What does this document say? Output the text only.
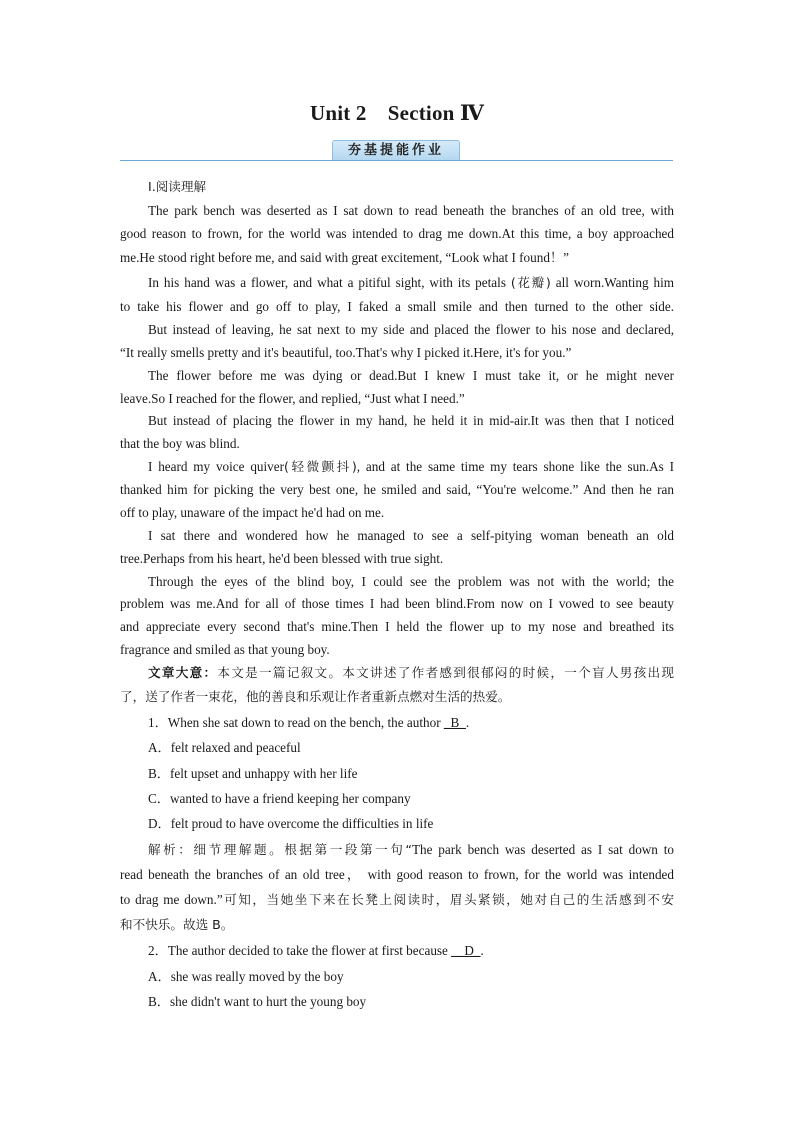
Unit 2　Section Ⅳ
夯基提能作业
Ⅰ.阅读理解
The park bench was deserted as I sat down to read beneath the branches of an old tree, with
good reason to frown, for the world was intended to drag me down.At this time, a boy approached
me.He stood right before me, and said with great excitement, “Look what I found！”
In his hand was a flower, and what a pitiful sight, with its petals (花瓣) all worn.Wanting him
to take his flower and go off to play, I faked a small smile and then turned to the other side.
But instead of leaving, he sat next to my side and placed the flower to his nose and declared,
“It really smells pretty and it's beautiful, too.That's why I picked it.Here, it's for you.”
The flower before me was dying or dead.But I knew I must take it, or he might never
leave.So I reached for the flower, and replied, “Just what I need.”
But instead of placing the flower in my hand, he held it in mid-air.It was then that I noticed
that the boy was blind.
I heard my voice quiver(轻微颤抖), and at the same time my tears shone like the sun.As I
thanked him for picking the very best one, he smiled and said, “You're welcome.” And then he ran
off to play, unaware of the impact he'd had on me.
I sat there and wondered how he managed to see a self-pitying woman beneath an old
tree.Perhaps from his heart, he'd been blessed with true sight.
Through the eyes of the blind boy, I could see the problem was not with the world; the
problem was me.And for all of those times I had been blind.From now on I vowed to see beauty
and appreciate every second that's mine.Then I held the flower up to my nose and breathed its
fragrance and smiled as that young boy.
文章大意：本文是一篇记叙文。本文讲述了作者感到很郁闷的时候，一个盲人男孩出现
了，送了作者一束花，他的善良和乐观让作者重新点燃对生活的热爱。
1．When she sat down to read on the bench, the author _B_.
A．felt relaxed and peaceful
B．felt upset and unhappy with her life
C．wanted to have a friend keeping her company
D．felt proud to have overcome the difficulties in life
解析：细节理解题。根据第一段第一句“The park bench was deserted as I sat down to
read beneath the branches of an old tree， with good reason to frown, for the world was intended
to drag me down.”可知，当她坐下来在长凳上阅读时，眉头紧锁，她对自己的生活感到不安
和不快乐。故选 B。
2．The author decided to take the flower at first because __D_.
A．she was really moved by the boy
B．she didn't want to hurt the young boy
